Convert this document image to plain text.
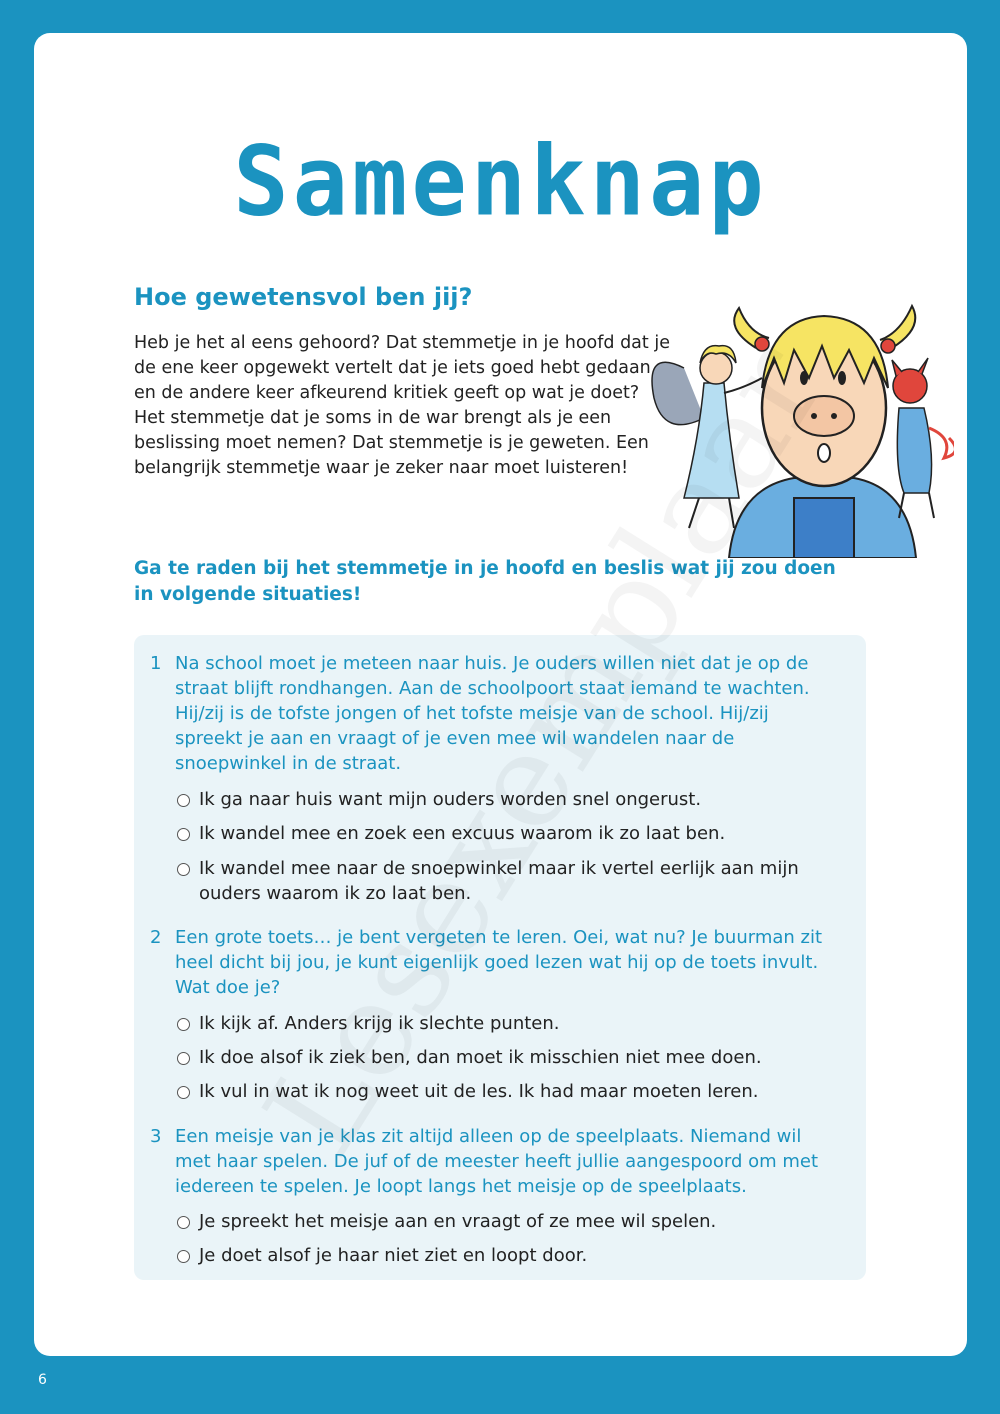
Samenknap
Hoe gewetensvol ben jij?
Heb je het al eens gehoord? Dat stemmetje in je hoofd dat je de ene keer opgewekt vertelt dat je iets goed hebt gedaan en de andere keer afkeurend kritiek geeft op wat je doet? Het stemmetje dat je soms in de war brengt als je een beslissing moet nemen? Dat stemmetje is je geweten. Een belangrijk stemmetje waar je zeker naar moet luisteren!
Ga te raden bij het stemmetje in je hoofd en beslis wat jij zou doen in volgende situaties!
1 Na school moet je meteen naar huis. Je ouders willen niet dat je op de straat blijft rondhangen. Aan de schoolpoort staat iemand te wachten. Hij/zij is de tofste jongen of het tofste meisje van de school. Hij/zij spreekt je aan en vraagt of je even mee wil wandelen naar de snoepwinkel in de straat.
Ik ga naar huis want mijn ouders worden snel ongerust.
Ik wandel mee en zoek een excuus waarom ik zo laat ben.
Ik wandel mee naar de snoepwinkel maar ik vertel eerlijk aan mijn ouders waarom ik zo laat ben.
2 Een grote toets… je bent vergeten te leren. Oei, wat nu? Je buurman zit heel dicht bij jou, je kunt eigenlijk goed lezen wat hij op de toets invult. Wat doe je?
Ik kijk af. Anders krijg ik slechte punten.
Ik doe alsof ik ziek ben, dan moet ik misschien niet mee doen.
Ik vul in wat ik nog weet uit de les. Ik had maar moeten leren.
3 Een meisje van je klas zit altijd alleen op de speelplaats. Niemand wil met haar spelen. De juf of de meester heeft jullie aangespoord om met iedereen te spelen. Je loopt langs het meisje op de speelplaats.
Je spreekt het meisje aan en vraagt of ze mee wil spelen.
Je doet alsof je haar niet ziet en loopt door.
6
